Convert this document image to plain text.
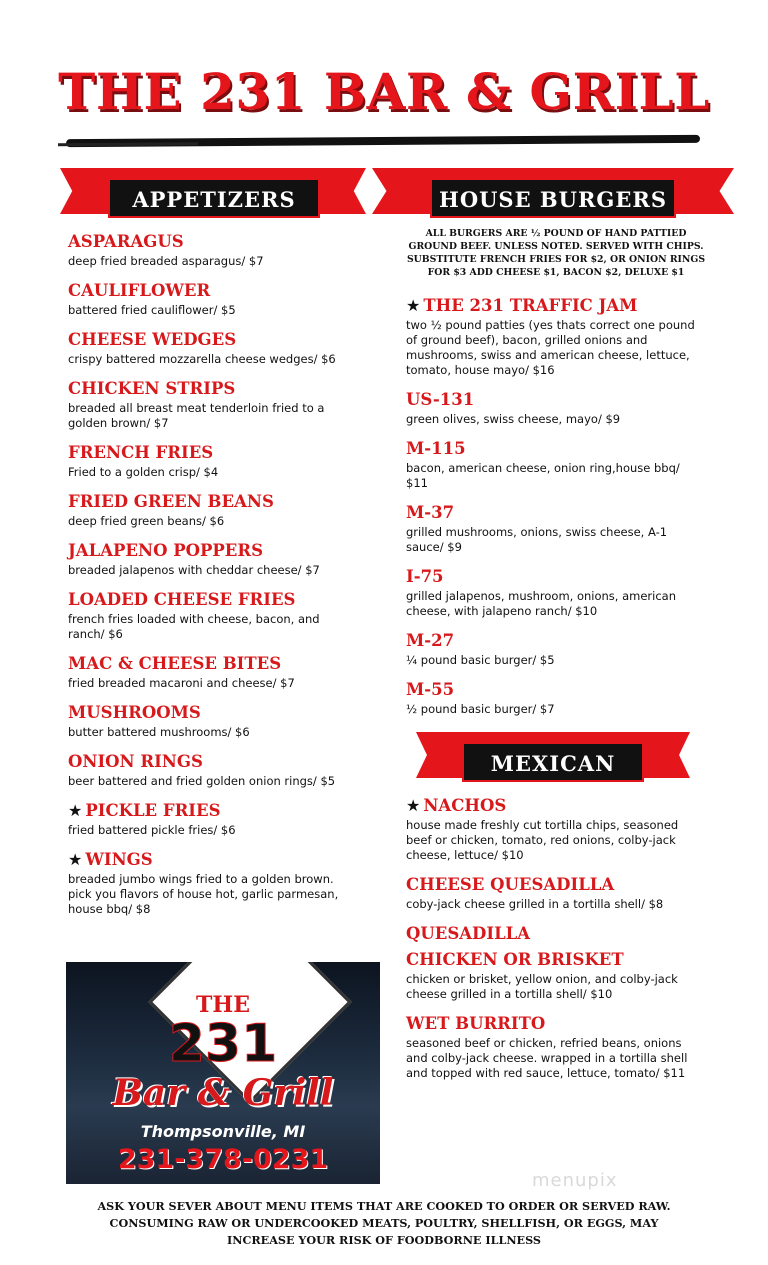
THE 231 BAR & GRILL
APPETIZERS	HOUSE BURGERS
MEXICAN

ASPARAGUS

deep fried breaded asparagus/ $7

CAULIFLOWER

battered fried cauliflower/ $5

CHEESE WEDGES

crispy battered mozzarella cheese wedges/ $6

CHICKEN STRIPS

breaded all breast meat tenderloin fried to a golden brown/ $7

FRENCH FRIES

Fried to a golden crisp/ $4

FRIED GREEN BEANS

deep fried green beans/ $6

JALAPENO POPPERS

breaded jalapenos with cheddar cheese/ $7

LOADED CHEESE FRIES

french fries loaded with cheese, bacon, and ranch/ $6

MAC & CHEESE BITES

fried breaded macaroni and cheese/ $7

MUSHROOMS

butter battered mushrooms/ $6

ONION RINGS

beer battered and fried golden onion rings/ $5

★ PICKLE FRIES

fried battered pickle fries/ $6

★ WINGS

breaded jumbo wings fried to a golden brown. pick you flavors of house hot, garlic parmesan, house bbq/ $8

ALL BURGERS ARE ½ POUND OF HAND PATTIED GROUND BEEF. UNLESS NOTED. SERVED WITH CHIPS. SUBSTITUTE FRENCH FRIES FOR $2, OR ONION RINGS FOR $3 ADD CHEESE $1, BACON $2, DELUXE $1

★ THE 231 TRAFFIC JAM

two ½ pound patties (yes thats correct one pound of ground beef), bacon, grilled onions and mushrooms, swiss and american cheese, lettuce, tomato, house mayo/ $16

US-131

green olives, swiss cheese, mayo/ $9

M-115

bacon, american cheese, onion ring,house bbq/ $11

M-37

grilled mushrooms, onions, swiss cheese, A-1 sauce/ $9

I-75

grilled jalapenos, mushroom, onions, american cheese, with jalapeno ranch/ $10

M-27

¼ pound basic burger/ $5

M-55

½ pound basic burger/ $7

★ NACHOS

house made freshly cut tortilla chips, seasoned beef or chicken, tomato, red onions, colby-jack cheese, lettuce/ $10

CHEESE QUESADILLA

coby-jack cheese grilled in a tortilla shell/ $8

QUESADILLA

CHICKEN OR BRISKET

chicken or brisket, yellow onion, and colby-jack cheese grilled in a tortilla shell/ $10

WET BURRITO

seasoned beef or chicken, refried beans, onions and colby-jack cheese. wrapped in a tortilla shell and topped with red sauce, lettuce, tomato/ $11

THE
231
Bar & Grill
Thompsonville, MI
231-378-0231
menupix
ASK YOUR SEVER ABOUT MENU ITEMS THAT ARE COOKED TO ORDER OR SERVED RAW. CONSUMING RAW OR UNDERCOOKED MEATS, POULTRY, SHELLFISH, OR EGGS, MAY INCREASE YOUR RISK OF FOODBORNE ILLNESS
